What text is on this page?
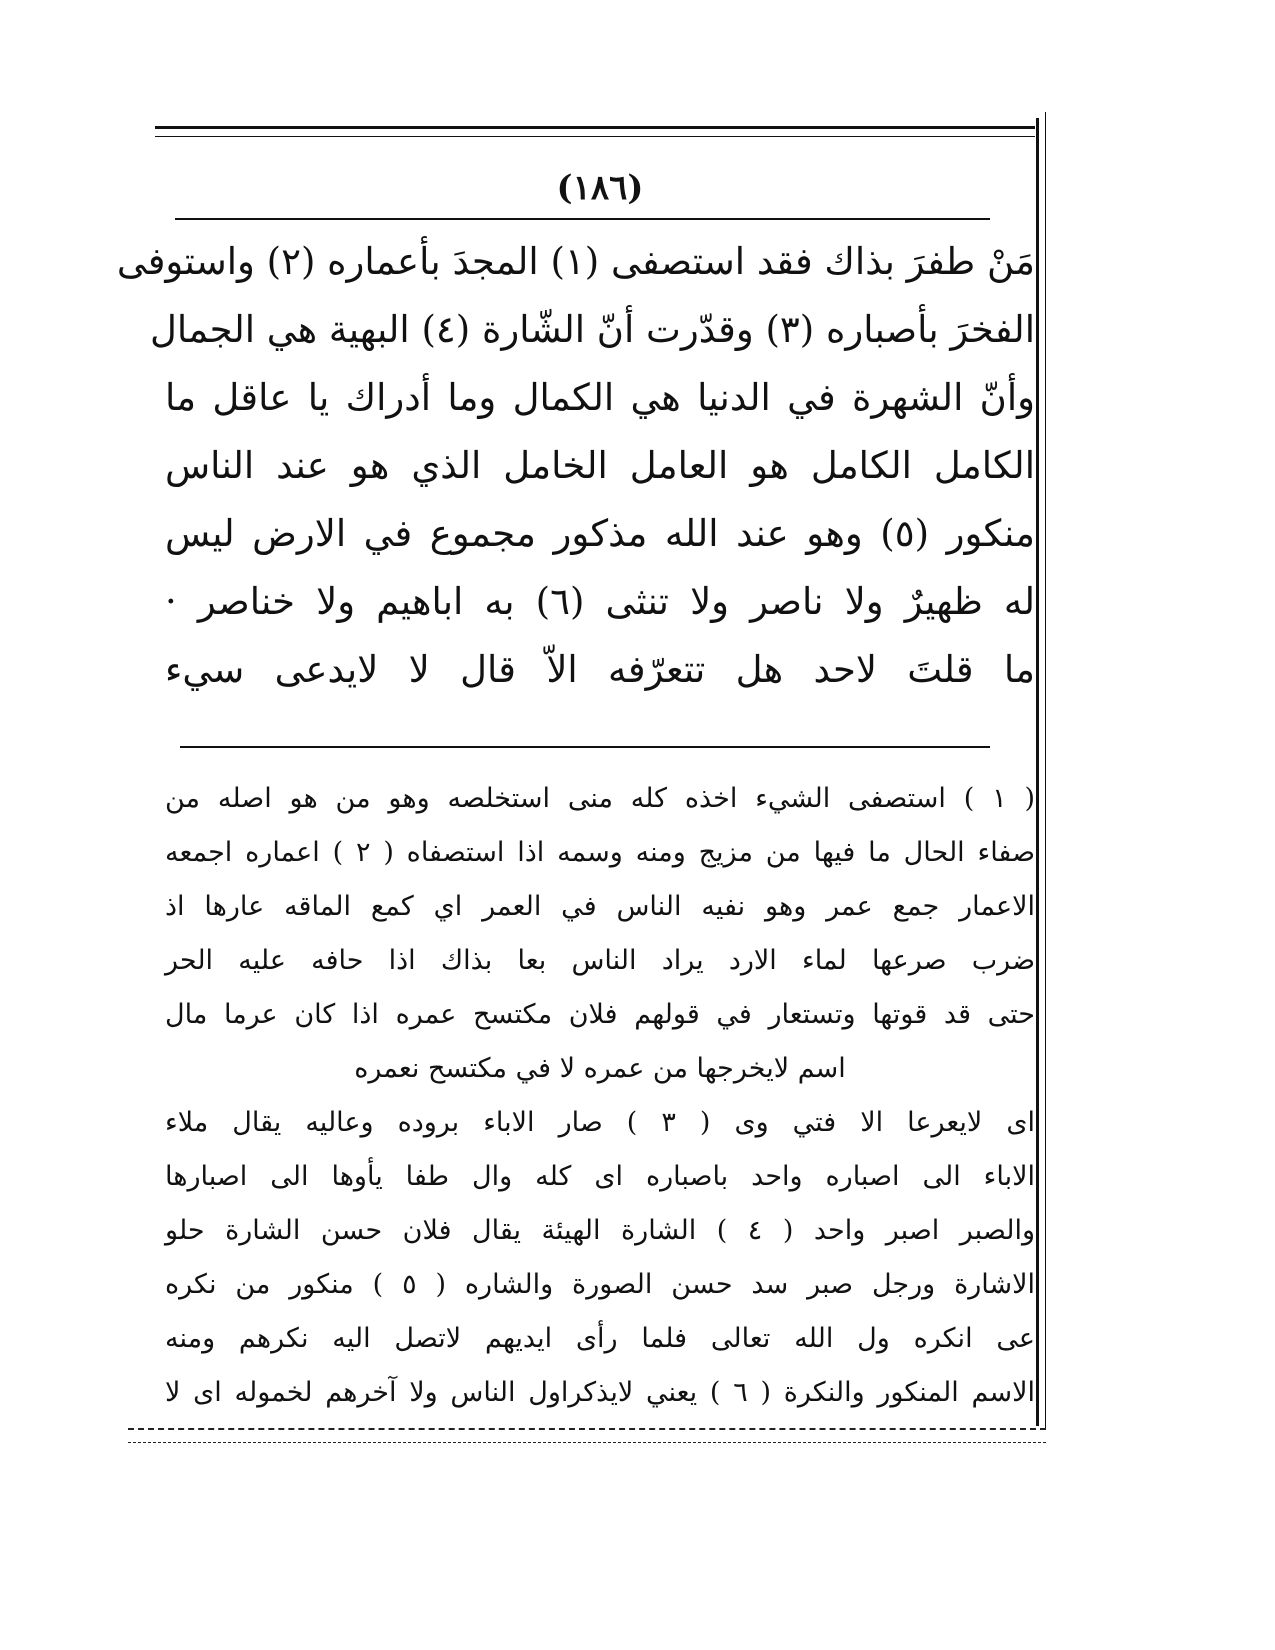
(١٨٦)
مَنْ طفرَ بذاك فقد استصفى (١) المجدَ بأعماره (٢) واستوفى
الفخرَ بأصباره (٣) وقدّرت أنّ الشّارة (٤) البهية هي الجمال
وأنّ الشهرة في الدنيا هي الكمال وما أدراك يا عاقل ما
الكامل الكامل هو العامل الخامل الذي هو عند الناس
منكور (٥) وهو عند الله مذكور مجموع في الارض ليس
له ظهيرٌ ولا ناصر ولا تنثى (٦) به اباهيم ولا خناصر ·
ما قلتَ لاحد هل تتعرّفه الاّ قال لا لايدعى سيء
( ١ ) استصفى الشيء اخذه كله منى استخلصه وهو من هو اصله من
صفاء الحال ما فيها من مزيج ومنه وسمه اذا استصفاه ( ٢ ) اعماره اجمعه
الاعمار جمع عمر وهو نفيه الناس في العمر اي كمع الماقه عارها اذ
ضرب صرعها لماء الارد يراد الناس بعا بذاك اذا حافه عليه الحر
حتى قد قوتها وتستعار في قولهم فلان مكتسح عمره اذا كان عرما مال
اسم لايخرجها من عمره لا في مكتسح نعمره
اى لايعرعا الا فتي وى ( ٣ ) صار الاباء بروده وعاليه يقال ملاء
الاباء الى اصباره واحد باصباره اى كله وال طفا يأوها الى اصبارها
والصبر اصبر واحد ( ٤ ) الشارة الهيئة يقال فلان حسن الشارة حلو
الاشارة ورجل صبر سد حسن الصورة والشاره ( ٥ ) منكور من نكره
عى انكره ول الله تعالى فلما رأى ايديهم لاتصل اليه نكرهم ومنه
الاسم المنكور والنكرة ( ٦ ) يعني لايذكراول الناس ولا آخرهم لخموله اى لا
